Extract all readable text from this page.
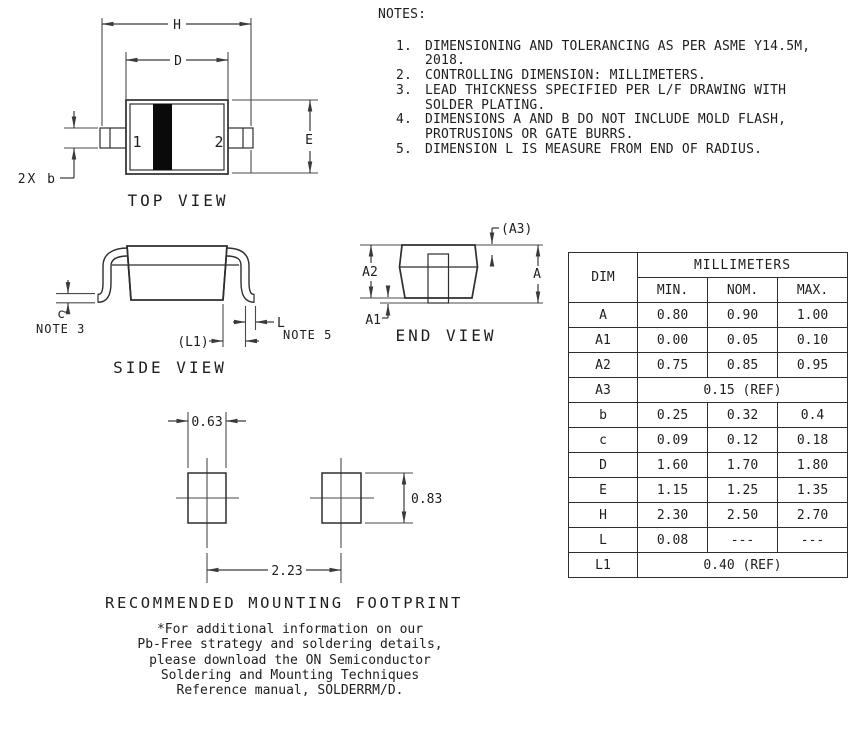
H
D
E
2X b
1	2
TOP VIEW
c
NOTE 3	L
NOTE 5
(L1)
SIDE VIEW
(A3)
A2
A1
A
END VIEW
0.63
0.83
2.23
RECOMMENDED MOUNTING FOOTPRINT
NOTES:
1.	DIMENSIONING AND TOLERANCING AS PER ASME Y14.5M, 2018.
2.	CONTROLLING DIMENSION: MILLIMETERS.
3.	LEAD THICKNESS SPECIFIED PER L/F DRAWING WITH SOLDER PLATING.
4.	DIMENSIONS A AND B DO NOT INCLUDE MOLD FLASH, PROTRUSIONS OR GATE BURRS.
5.	DIMENSION L IS MEASURE FROM END OF RADIUS.
DIM	MILLIMETERS		
	MIN.	NOM.	MAX.
A	0.80	0.90	1.00
A1	0.00	0.05	0.10
A2	0.75	0.85	0.95
A3	0.15 (REF)		
b	0.25	0.32	0.4
c	0.09	0.12	0.18
D	1.60	1.70	1.80
E	1.15	1.25	1.35
H	2.30	2.50	2.70
L	0.08	---	---
L1	0.40 (REF)		
*For additional information on our
Pb-Free strategy and soldering details,
please download the ON Semiconductor
Soldering and Mounting Techniques
Reference manual, SOLDERRM/D.
